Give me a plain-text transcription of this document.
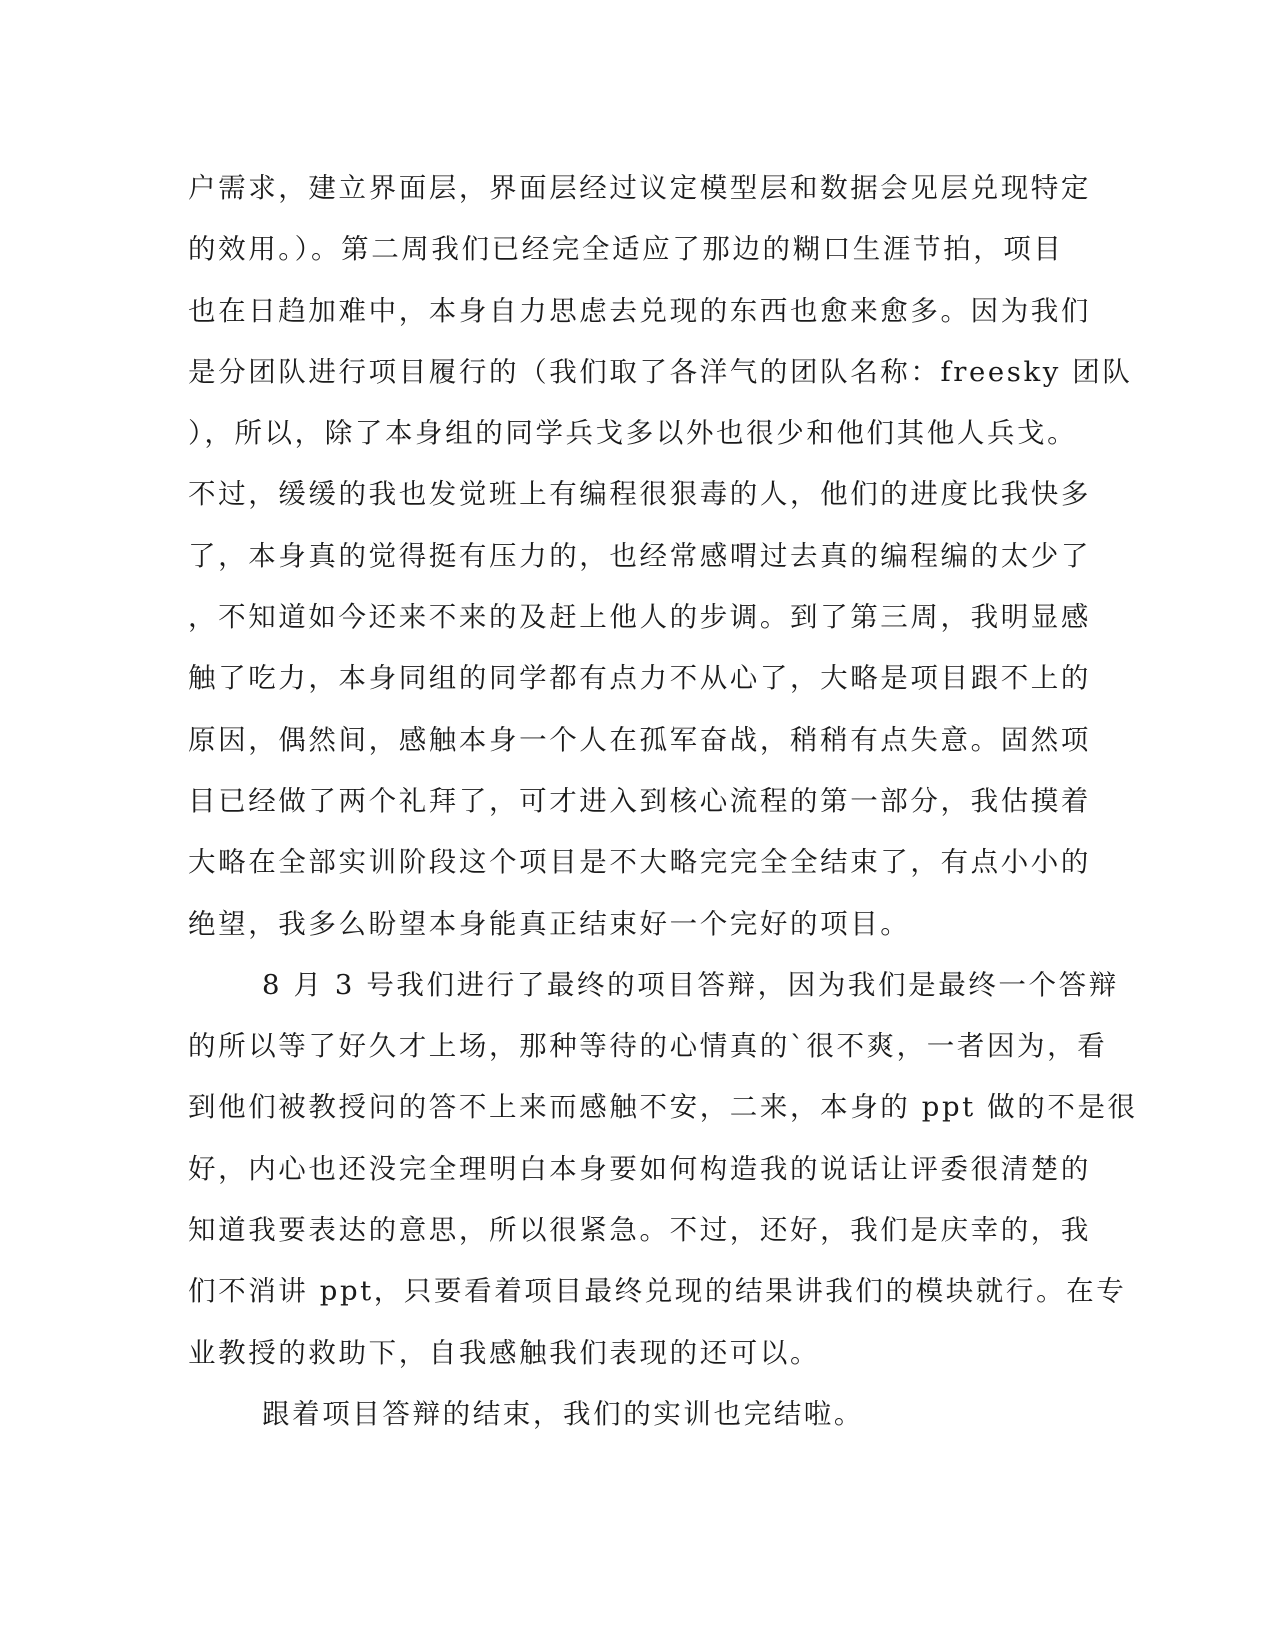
户需求，建立界面层，界面层经过议定模型层和数据会见层兑现特定
的效用。）。第二周我们已经完全适应了那边的糊口生涯节拍，项目
也在日趋加难中，本身自力思虑去兑现的东西也愈来愈多。因为我们
是分团队进行项目履行的（我们取了各洋气的团队名称：freesky 团队
），所以，除了本身组的同学兵戈多以外也很少和他们其他人兵戈。
不过，缓缓的我也发觉班上有编程很狠毒的人，他们的进度比我快多
了，本身真的觉得挺有压力的，也经常感喟过去真的编程编的太少了
，不知道如今还来不来的及赶上他人的步调。到了第三周，我明显感
触了吃力，本身同组的同学都有点力不从心了，大略是项目跟不上的
原因，偶然间，感触本身一个人在孤军奋战，稍稍有点失意。固然项
目已经做了两个礼拜了，可才进入到核心流程的第一部分，我估摸着
大略在全部实训阶段这个项目是不大略完完全全结束了，有点小小的
绝望，我多么盼望本身能真正结束好一个完好的项目。
8 月 3 号我们进行了最终的项目答辩，因为我们是最终一个答辩
的所以等了好久才上场，那种等待的心情真的`很不爽，一者因为，看
到他们被教授问的答不上来而感触不安，二来，本身的 ppt 做的不是很
好，内心也还没完全理明白本身要如何构造我的说话让评委很清楚的
知道我要表达的意思，所以很紧急。不过，还好，我们是庆幸的，我
们不消讲 ppt，只要看着项目最终兑现的结果讲我们的模块就行。在专
业教授的救助下，自我感触我们表现的还可以。
跟着项目答辩的结束，我们的实训也完结啦。
